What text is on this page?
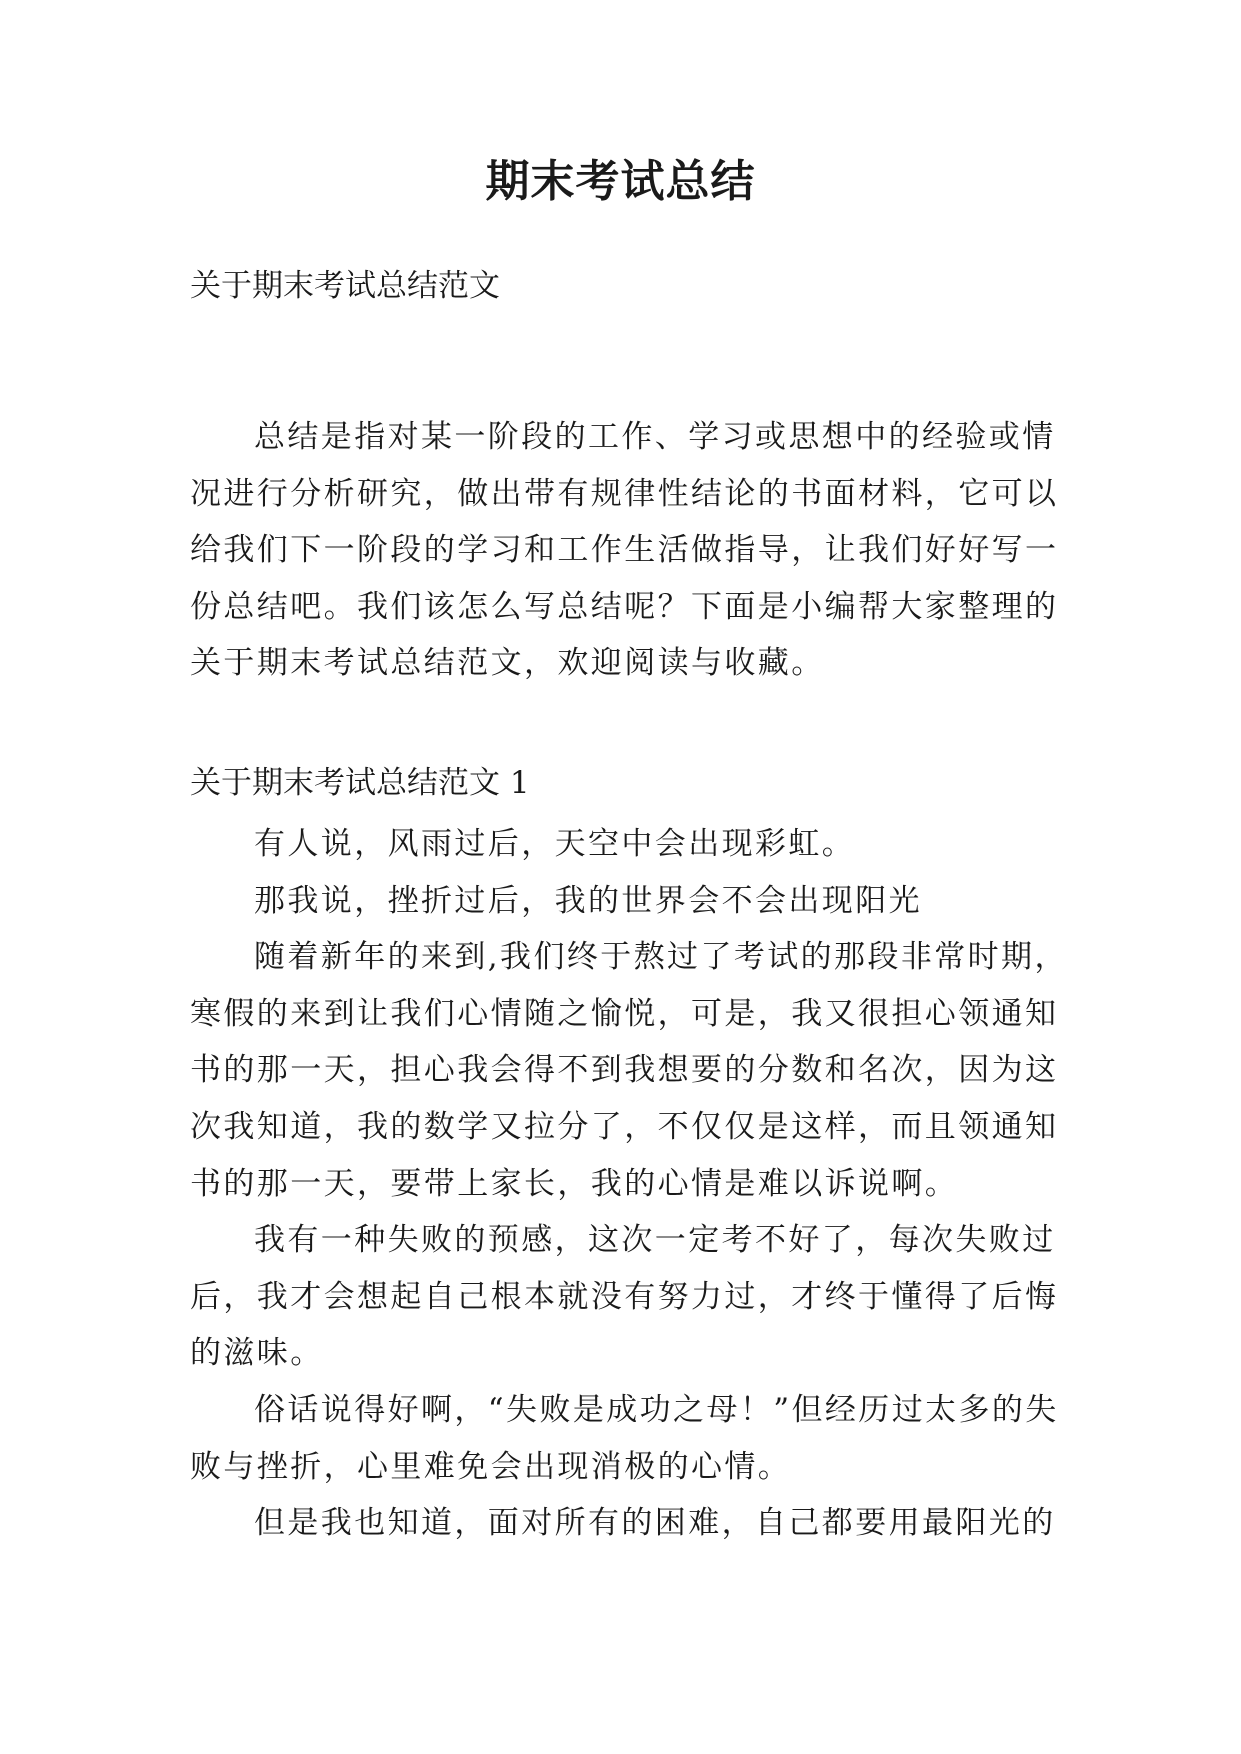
期末考试总结
关于期末考试总结范文
总结是指对某一阶段的工作、学习或思想中的经验或情
况进行分析研究，做出带有规律性结论的书面材料，它可以
给我们下一阶段的学习和工作生活做指导，让我们好好写一
份总结吧。我们该怎么写总结呢？下面是小编帮大家整理的
关于期末考试总结范文，欢迎阅读与收藏。
关于期末考试总结范文 1
有人说，风雨过后，天空中会出现彩虹。
那我说，挫折过后，我的世界会不会出现阳光
随着新年的来到,我们终于熬过了考试的那段非常时期，
寒假的来到让我们心情随之愉悦，可是，我又很担心领通知
书的那一天，担心我会得不到我想要的分数和名次，因为这
次我知道，我的数学又拉分了，不仅仅是这样，而且领通知
书的那一天，要带上家长，我的心情是难以诉说啊。
我有一种失败的预感，这次一定考不好了，每次失败过
后，我才会想起自己根本就没有努力过，才终于懂得了后悔
的滋味。
俗话说得好啊，“失败是成功之母！”但经历过太多的失
败与挫折，心里难免会出现消极的心情。
但是我也知道，面对所有的困难，自己都要用最阳光的
